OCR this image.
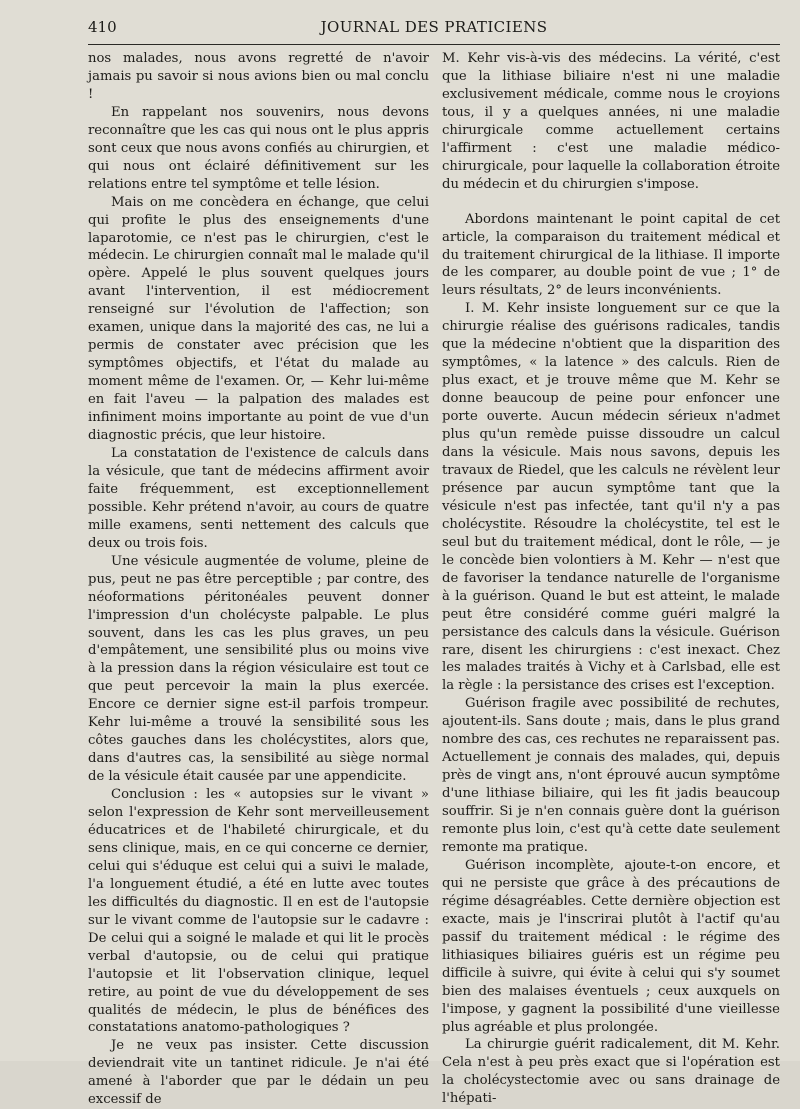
410	JOURNAL DES PRATICIENS

nos malades, nous avons regretté de n'avoir jamais pu savoir si nous avions bien ou mal conclu !

En rappelant nos souvenirs, nous devons reconnaître que les cas qui nous ont le plus appris sont ceux que nous avons confiés au chirurgien, et qui nous ont éclairé définitivement sur les relations entre tel symptôme et telle lésion.

Mais on me concèdera en échange, que celui qui profite le plus des enseignements d'une laparotomie, ce n'est pas le chirurgien, c'est le médecin. Le chirurgien connaît mal le malade qu'il opère. Appelé le plus souvent quelques jours avant l'intervention, il est médiocrement renseigné sur l'évolution de l'affection; son examen, unique dans la majorité des cas, ne lui a permis de constater avec précision que les symptômes objectifs, et l'état du malade au moment même de l'examen. Or, — Kehr lui-même en fait l'aveu — la palpation des malades est infiniment moins importante au point de vue d'un diagnostic précis, que leur histoire.

La constatation de l'existence de calculs dans la vésicule, que tant de médecins affirment avoir faite fréquemment, est exceptionnellement possible. Kehr prétend n'avoir, au cours de quatre mille examens, senti nettement des calculs que deux ou trois fois.

Une vésicule augmentée de volume, pleine de pus, peut ne pas être perceptible ; par contre, des néoformations péritonéales peuvent donner l'impression d'un cholécyste palpable. Le plus souvent, dans les cas les plus graves, un peu d'empâtement, une sensibilité plus ou moins vive à la pression dans la région vésiculaire est tout ce que peut percevoir la main la plus exercée. Encore ce dernier signe est-il parfois trompeur. Kehr lui-même a trouvé la sensibilité sous les côtes gauches dans les cholécystites, alors que, dans d'autres cas, la sensibilité au siège normal de la vésicule était causée par une appendicite.

Conclusion : les « autopsies sur le vivant » selon l'expression de Kehr sont merveilleusement éducatrices et de l'habileté chirurgicale, et du sens clinique, mais, en ce qui concerne ce dernier, celui qui s'éduque est celui qui a suivi le malade, l'a longuement étudié, a été en lutte avec toutes les difficultés du diagnostic. Il en est de l'autopsie sur le vivant comme de l'autopsie sur le cadavre : De celui qui a soigné le malade et qui lit le procès verbal d'autopsie, ou de celui qui pratique l'autopsie et lit l'observation clinique, lequel retire, au point de vue du développement de ses qualités de médecin, le plus de bénéfices des constatations anatomo-pathologiques ?

Je ne veux pas insister. Cette discussion deviendrait vite un tantinet ridicule. Je n'ai été amené à l'aborder que par le dédain un peu excessif de

M. Kehr vis-à-vis des médecins. La vérité, c'est que la lithiase biliaire n'est ni une maladie exclusivement médicale, comme nous le croyions tous, il y a quelques années, ni une maladie chirurgicale comme actuellement certains l'affirment : c'est une maladie médico-chirurgicale, pour laquelle la collaboration étroite du médecin et du chirurgien s'impose.

Abordons maintenant le point capital de cet article, la comparaison du traitement médical et du traitement chirurgical de la lithiase. Il importe de les comparer, au double point de vue ; 1° de leurs résultats, 2° de leurs inconvénients.

I. M. Kehr insiste longuement sur ce que la chirurgie réalise des guérisons radicales, tandis que la médecine n'obtient que la disparition des symptômes, « la latence » des calculs. Rien de plus exact, et je trouve même que M. Kehr se donne beaucoup de peine pour enfoncer une porte ouverte. Aucun médecin sérieux n'admet plus qu'un remède puisse dissoudre un calcul dans la vésicule. Mais nous savons, depuis les travaux de Riedel, que les calculs ne révèlent leur présence par aucun symptôme tant que la vésicule n'est pas infectée, tant qu'il n'y a pas cholécystite. Résoudre la cholécystite, tel est le seul but du traitement médical, dont le rôle, — je le concède bien volontiers à M. Kehr — n'est que de favoriser la tendance naturelle de l'organisme à la guérison. Quand le but est atteint, le malade peut être considéré comme guéri malgré la persistance des calculs dans la vésicule. Guérison rare, disent les chirurgiens : c'est inexact. Chez les malades traités à Vichy et à Carlsbad, elle est la règle : la persistance des crises est l'exception.

Guérison fragile avec possibilité de rechutes, ajoutent-ils. Sans doute ; mais, dans le plus grand nombre des cas, ces rechutes ne reparaissent pas. Actuellement je connais des malades, qui, depuis près de vingt ans, n'ont éprouvé aucun symptôme d'une lithiase biliaire, qui les fit jadis beaucoup souffrir. Si je n'en connais guère dont la guérison remonte plus loin, c'est qu'à cette date seulement remonte ma pratique.

Guérison incomplète, ajoute-t-on encore, et qui ne persiste que grâce à des précautions de régime désagréables. Cette dernière objection est exacte, mais je l'inscrirai plutôt à l'actif qu'au passif du traitement médical : le régime des lithiasiques biliaires guéris est un régime peu difficile à suivre, qui évite à celui qui s'y soumet bien des malaises éventuels ; ceux auxquels on l'impose, y gagnent la possibilité d'une vieillesse plus agréable et plus prolongée.

La chirurgie guérit radicalement, dit M. Kehr. Cela n'est à peu près exact que si l'opération est la cholécystectomie avec ou sans drainage de l'hépati-
